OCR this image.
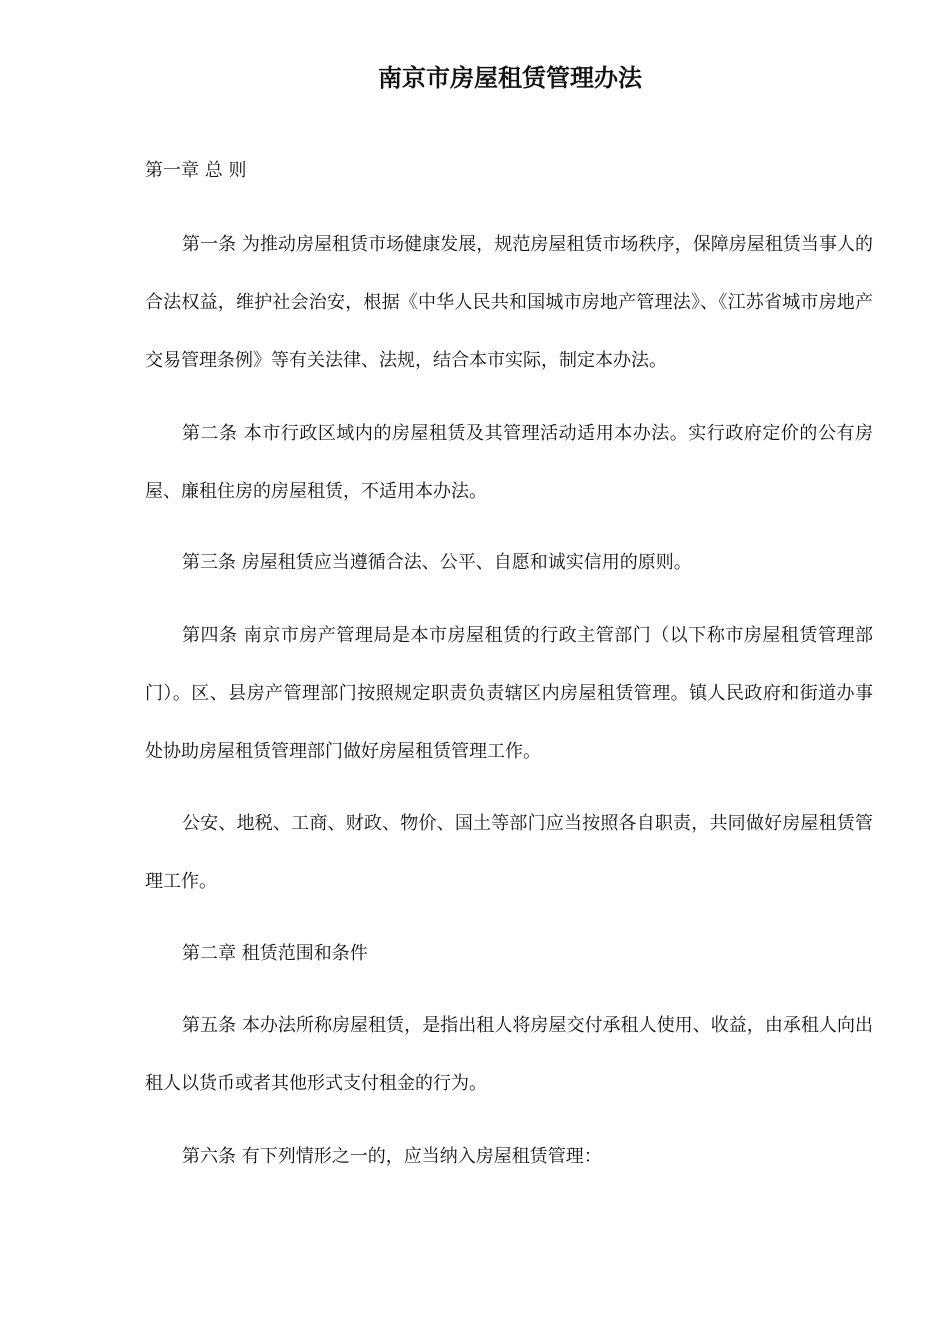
南京市房屋租赁管理办法
第一章 总 则
第一条 为推动房屋租赁市场健康发展，规范房屋租赁市场秩序，保障房屋租赁当事人的合法权益，维护社会治安，根据《中华人民共和国城市房地产管理法》、《江苏省城市房地产交易管理条例》等有关法律、法规，结合本市实际，制定本办法。
第二条 本市行政区域内的房屋租赁及其管理活动适用本办法。实行政府定价的公有房屋、廉租住房的房屋租赁，不适用本办法。
第三条 房屋租赁应当遵循合法、公平、自愿和诚实信用的原则。
第四条 南京市房产管理局是本市房屋租赁的行政主管部门（以下称市房屋租赁管理部门）。区、县房产管理部门按照规定职责负责辖区内房屋租赁管理。镇人民政府和街道办事处协助房屋租赁管理部门做好房屋租赁管理工作。
公安、地税、工商、财政、物价、国土等部门应当按照各自职责，共同做好房屋租赁管理工作。
第二章 租赁范围和条件
第五条 本办法所称房屋租赁，是指出租人将房屋交付承租人使用、收益，由承租人向出租人以货币或者其他形式支付租金的行为。
第六条 有下列情形之一的，应当纳入房屋租赁管理：
